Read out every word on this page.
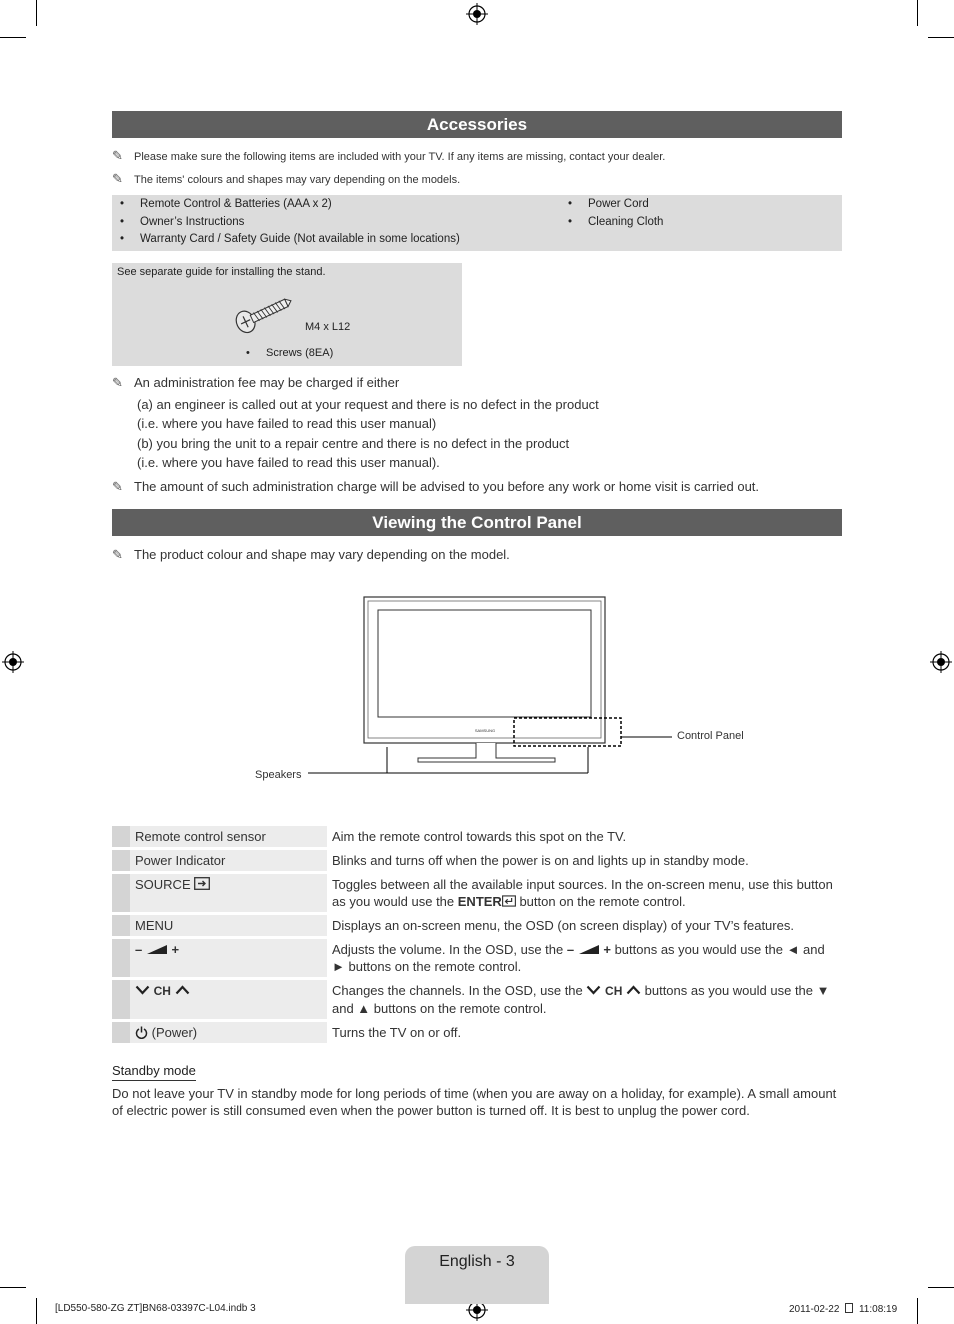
Accessories
✎ Please make sure the following items are included with your TV. If any items are missing, contact your dealer.
✎ The items' colours and shapes may vary depending on the models.
• Remote Control & Batteries (AAA x 2)
• Owner’s Instructions
• Warranty Card / Safety Guide (Not available in some locations)
• Power Cord
• Cleaning Cloth
See separate guide for installing the stand.
M4 x L12
• Screws (8EA)
✎ An administration fee may be charged if either
(a) an engineer is called out at your request and there is no defect in the product
(i.e. where you have failed to read this user manual)
(b) you bring the unit to a repair centre and there is no defect in the product
(i.e. where you have failed to read this user manual).
✎ The amount of such administration charge will be advised to you before any work or home visit is carried out.
Viewing the Control Panel
✎ The product colour and shape may vary depending on the model.
SAMSUNG	Control Panel
Speakers
	Remote control sensor	Aim the remote control towards this spot on the TV.
	Power Indicator	Blinks and turns off when the power is on and lights up in standby mode.
	SOURCE	Toggles between all the available input sources. In the on-screen menu, use this button as you would use the ENTER button on the remote control.
	MENU	Displays an on-screen menu, the OSD (on screen display) of your TV’s features.
	– +	Adjusts the volume. In the OSD, use the – + buttons as you would use the ◄ and ► buttons on the remote control.
	CH	Changes the channels. In the OSD, use the CH buttons as you would use the ▼ and ▲ buttons on the remote control.
	(Power)	Turns the TV on or off.
Standby mode
Do not leave your TV in standby mode for long periods of time (when you are away on a holiday, for example). A small amount of electric power is still consumed even when the power button is turned off. It is best to unplug the power cord.
English - 3
[LD550-580-ZG ZT]BN68-03397C-L04.indb 3	2011-02-22 11:08:19
